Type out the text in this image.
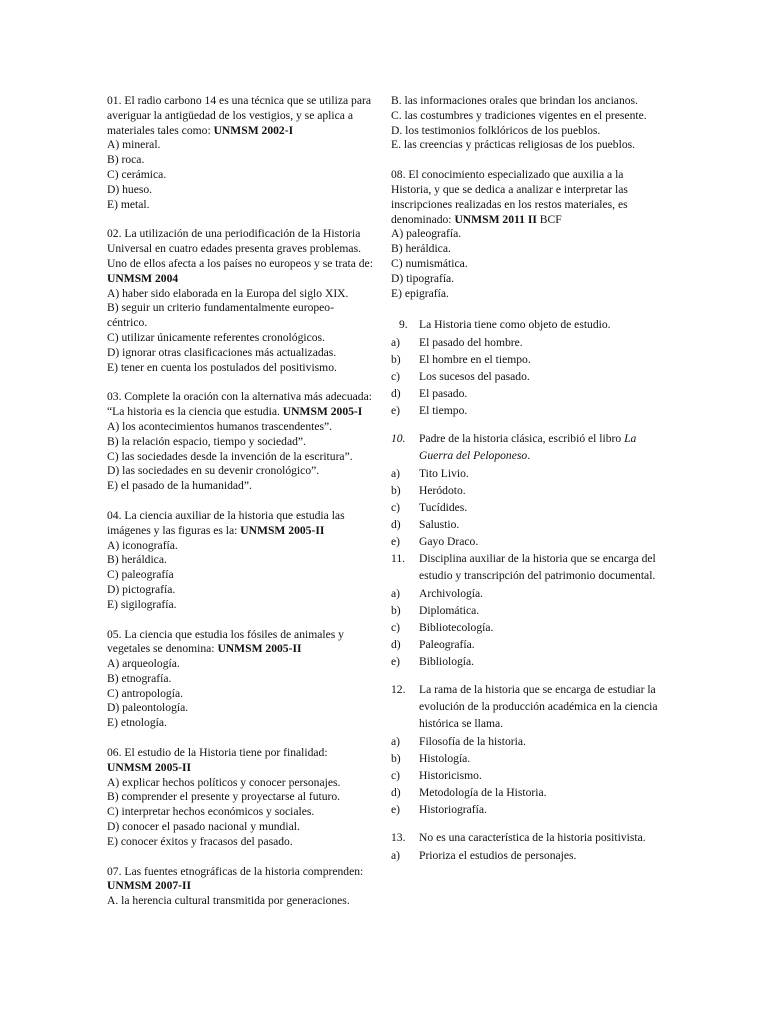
01. El radio carbono 14 es una técnica que se utiliza para averiguar la antigüedad de los vestigios, y se aplica a materiales tales como: UNMSM 2002-I

A) mineral.
B) roca.
C) cerámica.
D) hueso.
E) metal.

02. La utilización de una periodificación de la Historia Universal en cuatro edades presenta graves problemas. Uno de ellos afecta a los países no europeos y se trata de: UNMSM 2004

A) haber sido elaborada en la Europa del siglo XIX.
B) seguir un criterio fundamentalmente europeo-céntrico.
C) utilizar únicamente referentes cronológicos.
D) ignorar otras clasificaciones más actualizadas.
E) tener en cuenta los postulados del positivismo.

03. Complete la oración con la alternativa más adecuada: “La historia es la ciencia que estudia. UNMSM 2005-I

A) los acontecimientos humanos trascendentes”.
B) la relación espacio, tiempo y sociedad”.
C) las sociedades desde la invención de la escritura”.
D) las sociedades en su devenir cronológico”.
E) el pasado de la humanidad”.

04. La ciencia auxiliar de la historia que estudia las imágenes y las figuras es la: UNMSM 2005-II

A) iconografía.
B) heráldica.
C) paleografía
D) pictografía.
E) sigilografía.

05. La ciencia que estudia los fósiles de animales y vegetales se denomina: UNMSM 2005-II

A) arqueología.
B) etnografía.
C) antropología.
D) paleontología.
E) etnología.

06. El estudio de la Historia tiene por finalidad: UNMSM 2005-II

A) explicar hechos políticos y conocer personajes.
B) comprender el presente y proyectarse al futuro.
C) interpretar hechos económicos y sociales.
D) conocer el pasado nacional y mundial.
E) conocer éxitos y fracasos del pasado.

07. Las fuentes etnográficas de la historia comprenden: UNMSM 2007-II

A. la herencia cultural transmitida por generaciones.
B. las informaciones orales que brindan los ancianos.
C. las costumbres y tradiciones vigentes en el presente.
D. los testimonios folklóricos de los pueblos.
E. las creencias y prácticas religiosas de los pueblos.

08. El conocimiento especializado que auxilia a la Historia, y que se dedica a analizar e interpretar las inscripciones realizadas en los restos materiales, es denominado: UNMSM 2011 II BCF

A) paleografía.
B) heráldica.
C) numismática.
D) tipografía.
E) epigrafía.
9. La Historia tiene como objeto de estudio.
a)	El pasado del hombre.
b)	El hombre en el tiempo.
c)	Los sucesos del pasado.
d)	El pasado.
e)	El tiempo.
10.	Padre de la historia clásica, escribió el libro La Guerra del Peloponeso.
a)	Tito Livio.
b)	Heródoto.
c)	Tucídides.
d)	Salustio.
e)	Gayo Draco.
11.	Disciplina auxiliar de la historia que se encarga del estudio y transcripción del patrimonio documental.
a)	Archivología.
b)	Diplomática.
c)	Bibliotecología.
d)	Paleografía.
e)	Bibliología.
12.	La rama de la historia que se encarga de estudiar la evolución de la producción académica en la ciencia histórica se llama.
a)	Filosofía de la historia.
b)	Histología.
c)	Historicismo.
d)	Metodología de la Historia.
e)	Historiografía.
13.	No es una característica de la historia positivista.
a)	Prioriza el estudios de personajes.
